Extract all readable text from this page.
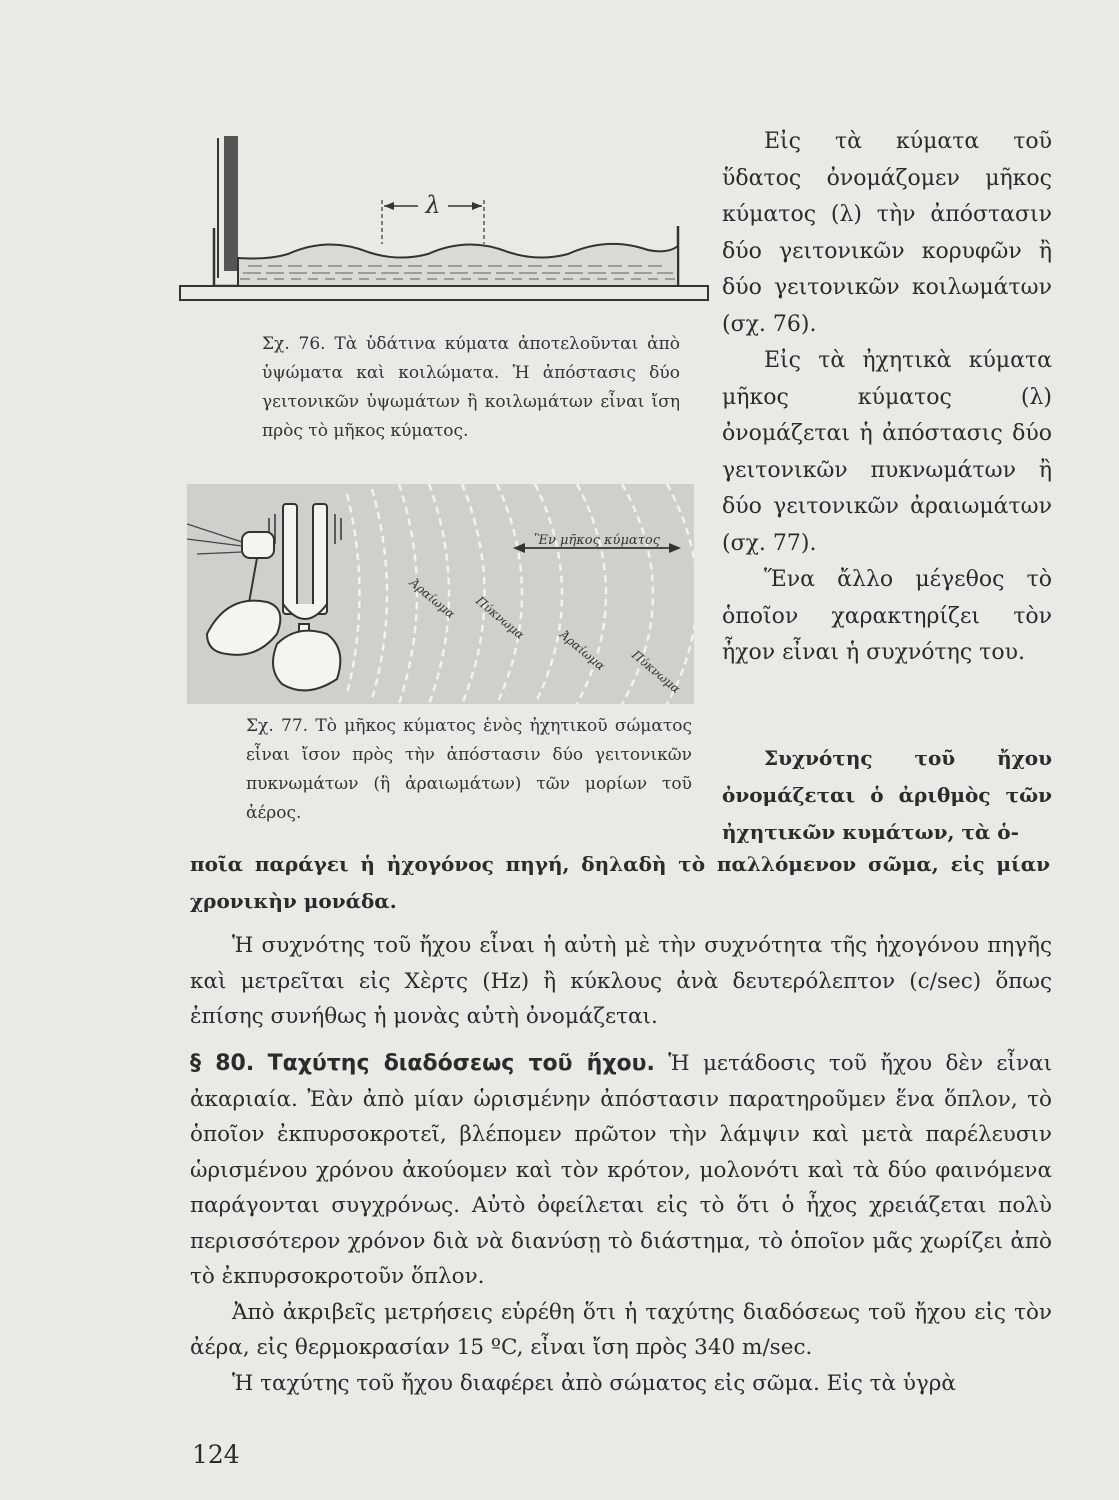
λ

Σχ. 76. Τὰ ὑδάτινα κύματα ἀποτελοῦνται ἀπὸ ὑψώματα καὶ κοιλώματα. Ἡ ἀπόστασις δύο γειτονικῶν ὑψωμάτων ἢ κοιλωμάτων εἶναι ἴση πρὸς τὸ μῆκος κύματος.

Ἓν μῆκος κύματος
Ἀραίωμα Πύκνωμα
Ἀραίωμα Πύκνωμα

Σχ. 77. Τὸ μῆκος κύματος ἑνὸς ἠχητικοῦ σώματος εἶναι ἴσον πρὸς τὴν ἀπόστασιν δύο γειτονικῶν πυκνωμάτων (ἢ ἀραιωμάτων) τῶν μορίων τοῦ ἀέρος.

Εἰς τὰ κύματα τοῦ ὕδατος ὀνομάζομεν μῆκος κύματος (λ) τὴν ἀπόστασιν δύο γειτονικῶν κορυφῶν ἢ δύο γειτονικῶν κοιλωμάτων (σχ. 76).

Εἰς τὰ ἠχητικὰ κύματα μῆκος κύματος (λ) ὀνομάζεται ἡ ἀπόστασις δύο γειτονικῶν πυκνωμάτων ἢ δύο γειτονικῶν ἀραιωμάτων (σχ. 77).

Ἕνα ἄλλο μέγεθος τὸ ὁποῖον χαρακτηρίζει τὸν ἦχον εἶναι ἡ συχνότης του.

Συχνότης τοῦ ἤχου ὀνομάζεται ὁ ἀριθμὸς τῶν ἠχητικῶν κυμάτων, τὰ ὁ-
ποῖα παράγει ἡ ἠχογόνος πηγή, δηλαδὴ τὸ παλλόμενον σῶμα, εἰς μίαν χρονικὴν μονάδα.

Ἡ συχνότης τοῦ ἤχου εἶναι ἡ αὐτὴ μὲ τὴν συχνότητα τῆς ἠχογόνου πηγῆς καὶ μετρεῖται εἰς Χὲρτς (Hz) ἢ κύκλους ἀνὰ δευτερόλεπτον (c/sec) ὅπως ἐπίσης συνήθως ἡ μονὰς αὐτὴ ὀνομάζεται.

§ 80. Ταχύτης διαδόσεως τοῦ ἤχου. Ἡ μετάδοσις τοῦ ἤχου δὲν εἶναι ἀκαριαία. Ἐὰν ἀπὸ μίαν ὡρισμένην ἀπόστασιν παρατηροῦμεν ἕνα ὅπλον, τὸ ὁποῖον ἐκπυρσοκροτεῖ, βλέπομεν πρῶτον τὴν λάμψιν καὶ μετὰ παρέλευσιν ὡρισμένου χρόνου ἀκούομεν καὶ τὸν κρότον, μολονότι καὶ τὰ δύο φαινόμενα παράγονται συγχρόνως. Αὐτὸ ὀφείλεται εἰς τὸ ὅτι ὁ ἦχος χρειάζεται πολὺ περισσότερον χρόνον διὰ νὰ διανύσῃ τὸ διάστημα, τὸ ὁποῖον μᾶς χωρίζει ἀπὸ τὸ ἐκπυρσοκροτοῦν ὅπλον.

Ἀπὸ ἀκριβεῖς μετρήσεις εὑρέθη ὅτι ἡ ταχύτης διαδόσεως τοῦ ἤχου εἰς τὸν ἀέρα, εἰς θερμοκρασίαν 15 ºC, εἶναι ἴση πρὸς 340 m/sec.

Ἡ ταχύτης τοῦ ἤχου διαφέρει ἀπὸ σώματος εἰς σῶμα. Εἰς τὰ ὑγρὰ

124
